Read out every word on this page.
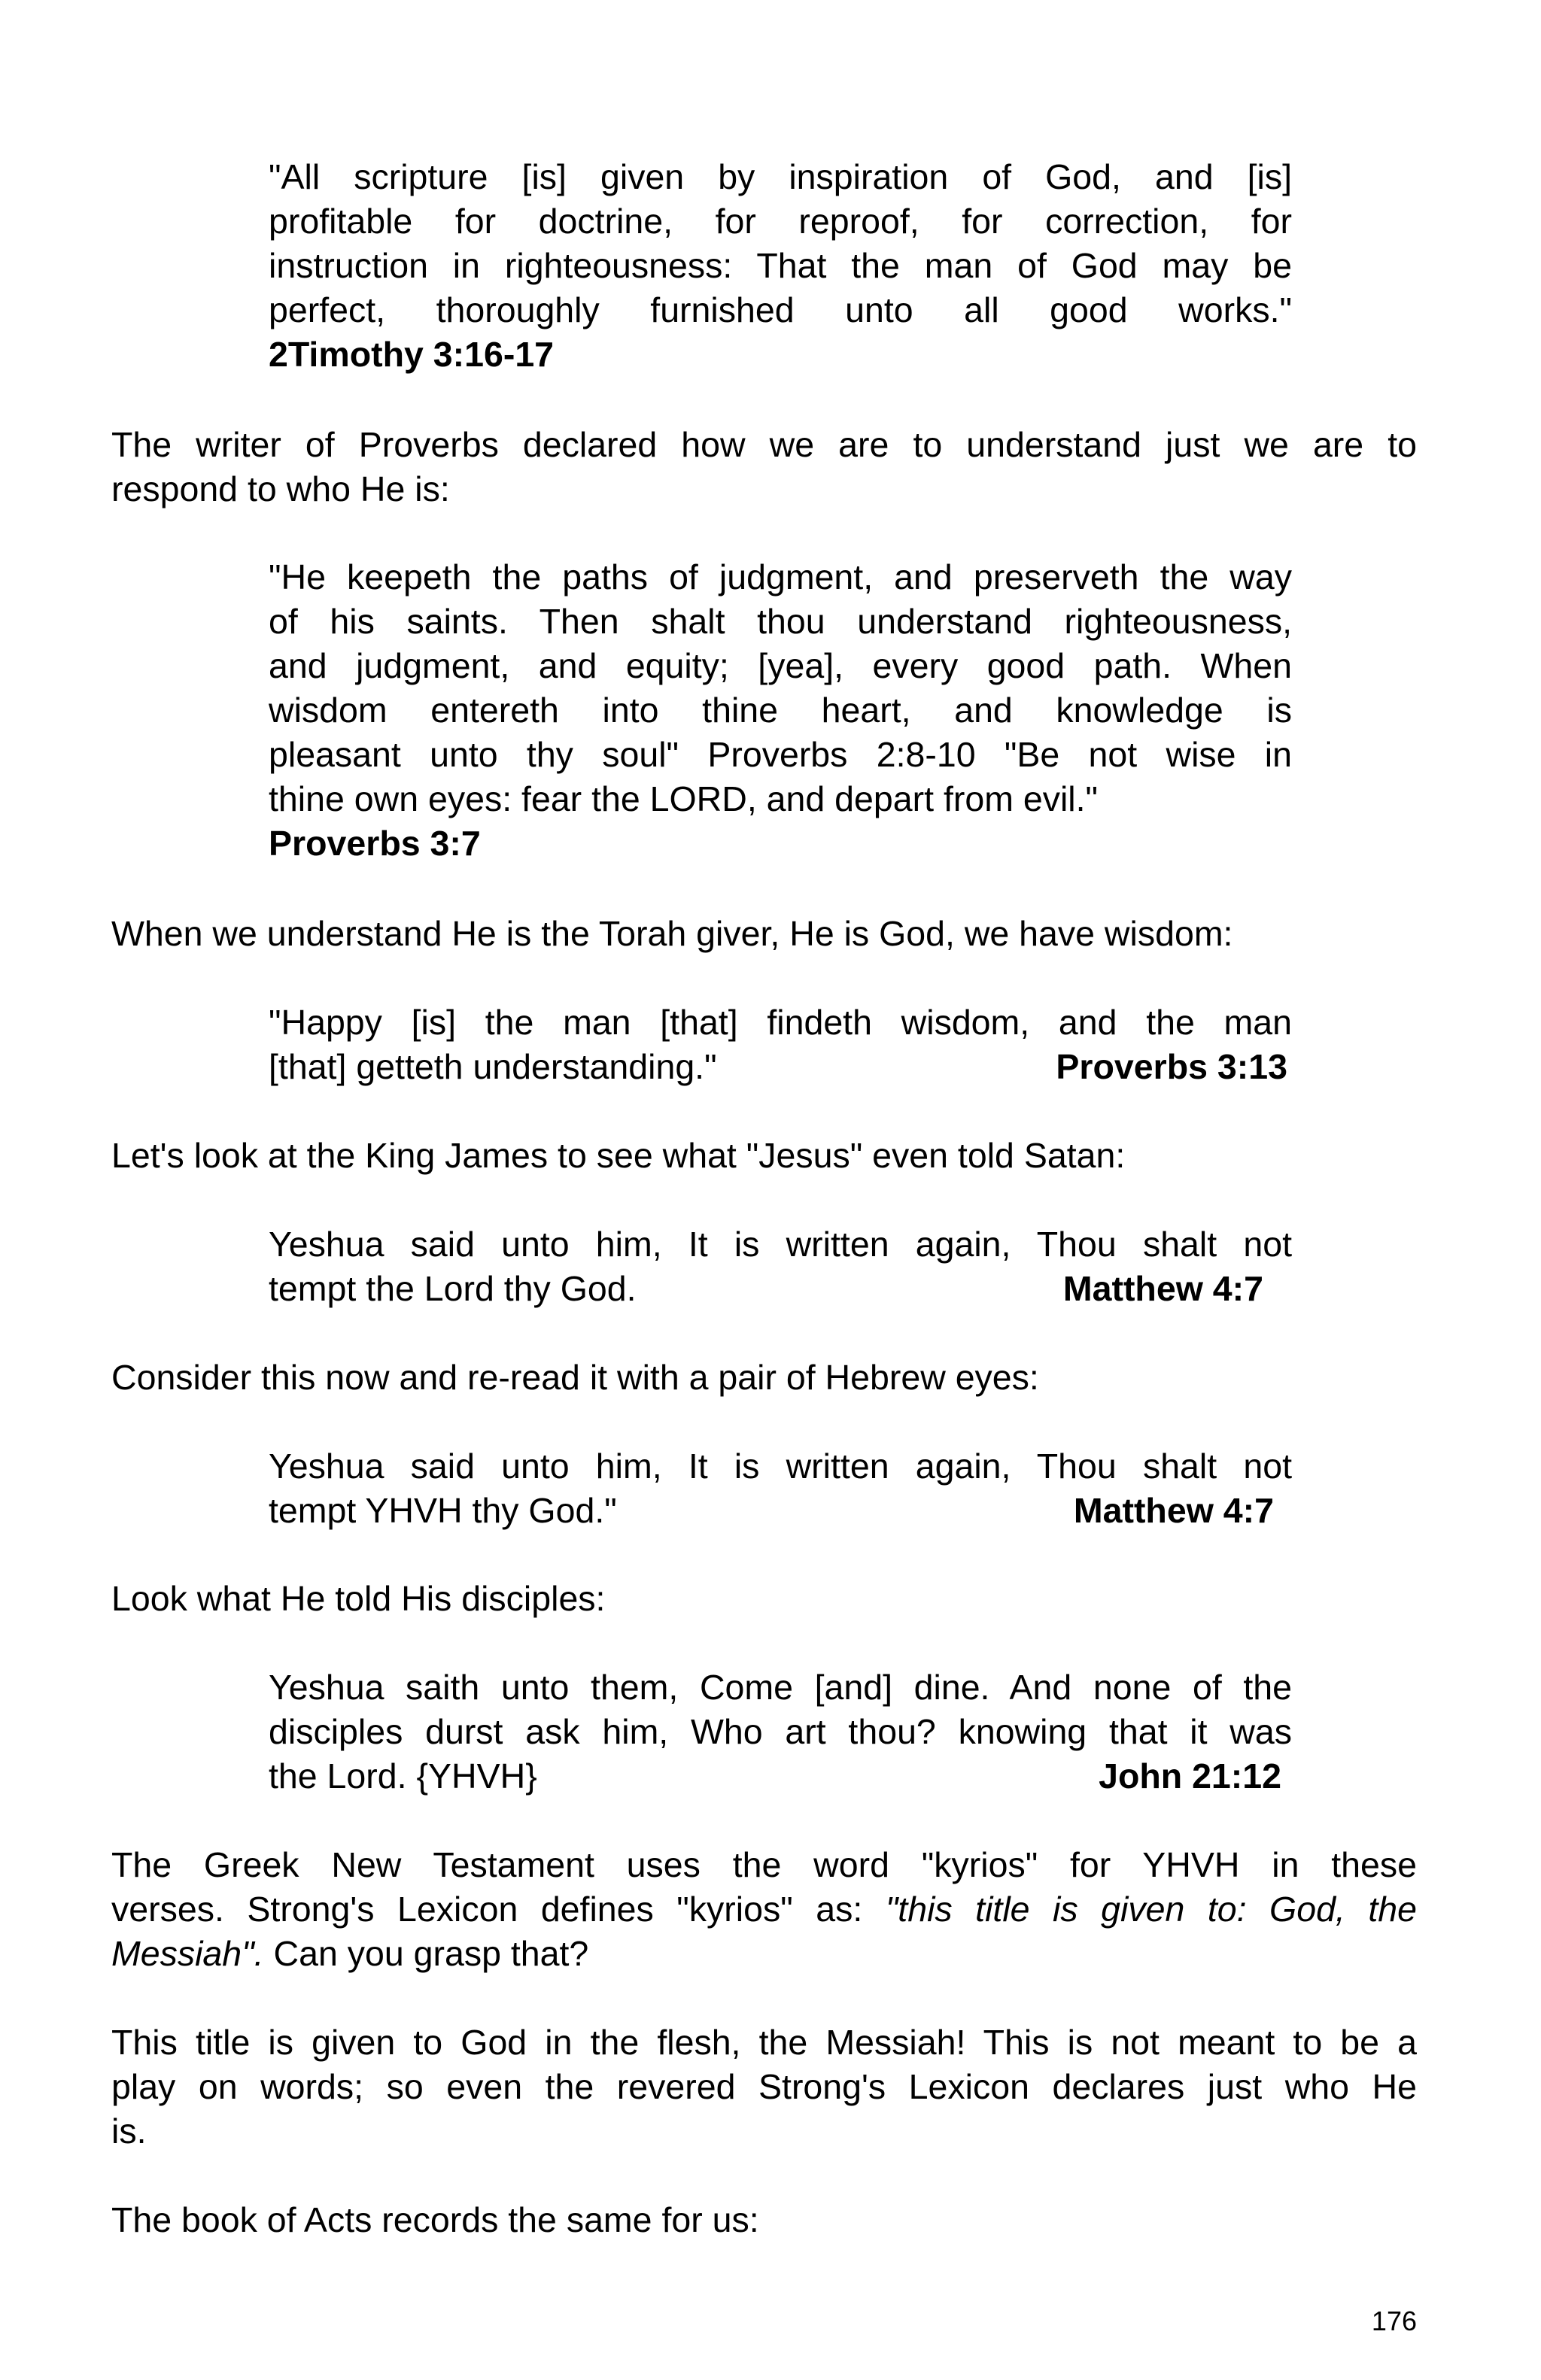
"All scripture [is] given by inspiration of God, and [is]
profitable for doctrine, for reproof, for correction, for
instruction in righteousness: That the man of God may be
perfect, thoroughly furnished unto all good works."
2Timothy 3:16-17
The writer of Proverbs declared how we are to understand just we are to
respond to who He is:
"He keepeth the paths of judgment, and preserveth the way
of his saints. Then shalt thou understand righteousness,
and judgment, and equity; [yea], every good path. When
wisdom entereth into thine heart, and knowledge is
pleasant unto thy soul" Proverbs 2:8-10 "Be not wise in
thine own eyes: fear the LORD, and depart from evil."
Proverbs 3:7
When we understand He is the Torah giver, He is God, we have wisdom:
"Happy [is] the man [that] findeth wisdom, and the man
[that] getteth understanding."	Proverbs 3:13
Let's look at the King James to see what "Jesus" even told Satan:
Yeshua said unto him, It is written again, Thou shalt not
tempt the Lord thy God.	Matthew 4:7
Consider this now and re-read it with a pair of Hebrew eyes:
Yeshua said unto him, It is written again, Thou shalt not
tempt YHVH thy God."	Matthew 4:7
Look what He told His disciples:
Yeshua saith unto them, Come [and] dine. And none of the
disciples durst ask him, Who art thou? knowing that it was
the Lord. {YHVH}	John 21:12
The Greek New Testament uses the word "kyrios" for YHVH in these
verses. Strong's Lexicon defines "kyrios" as: "this title is given to: God, the
Messiah". Can you grasp that?
This title is given to God in the flesh, the Messiah! This is not meant to be a
play on words; so even the revered Strong's Lexicon declares just who He
is.
The book of Acts records the same for us:
176
